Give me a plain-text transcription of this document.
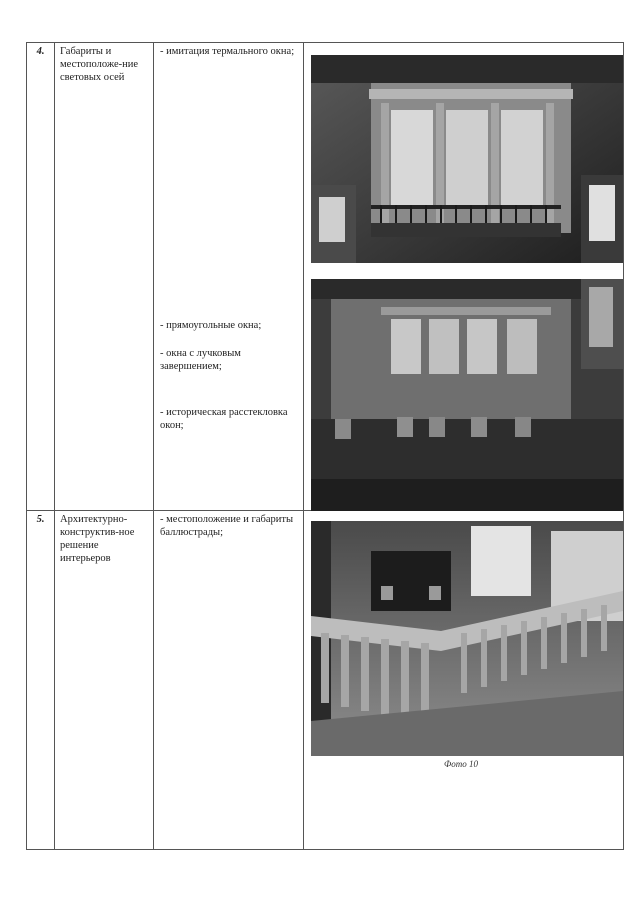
4.	Габариты и местоположе-ние световых осей	- имитация термального окна;
- прямоугольные окна;
- окна с лучковым завершением;
- историческая расстекловка окон;

5.	Архитектурно-конструктив-ное решение интерьеров	- местоположение и габариты баллюстрады;	Фото 10
